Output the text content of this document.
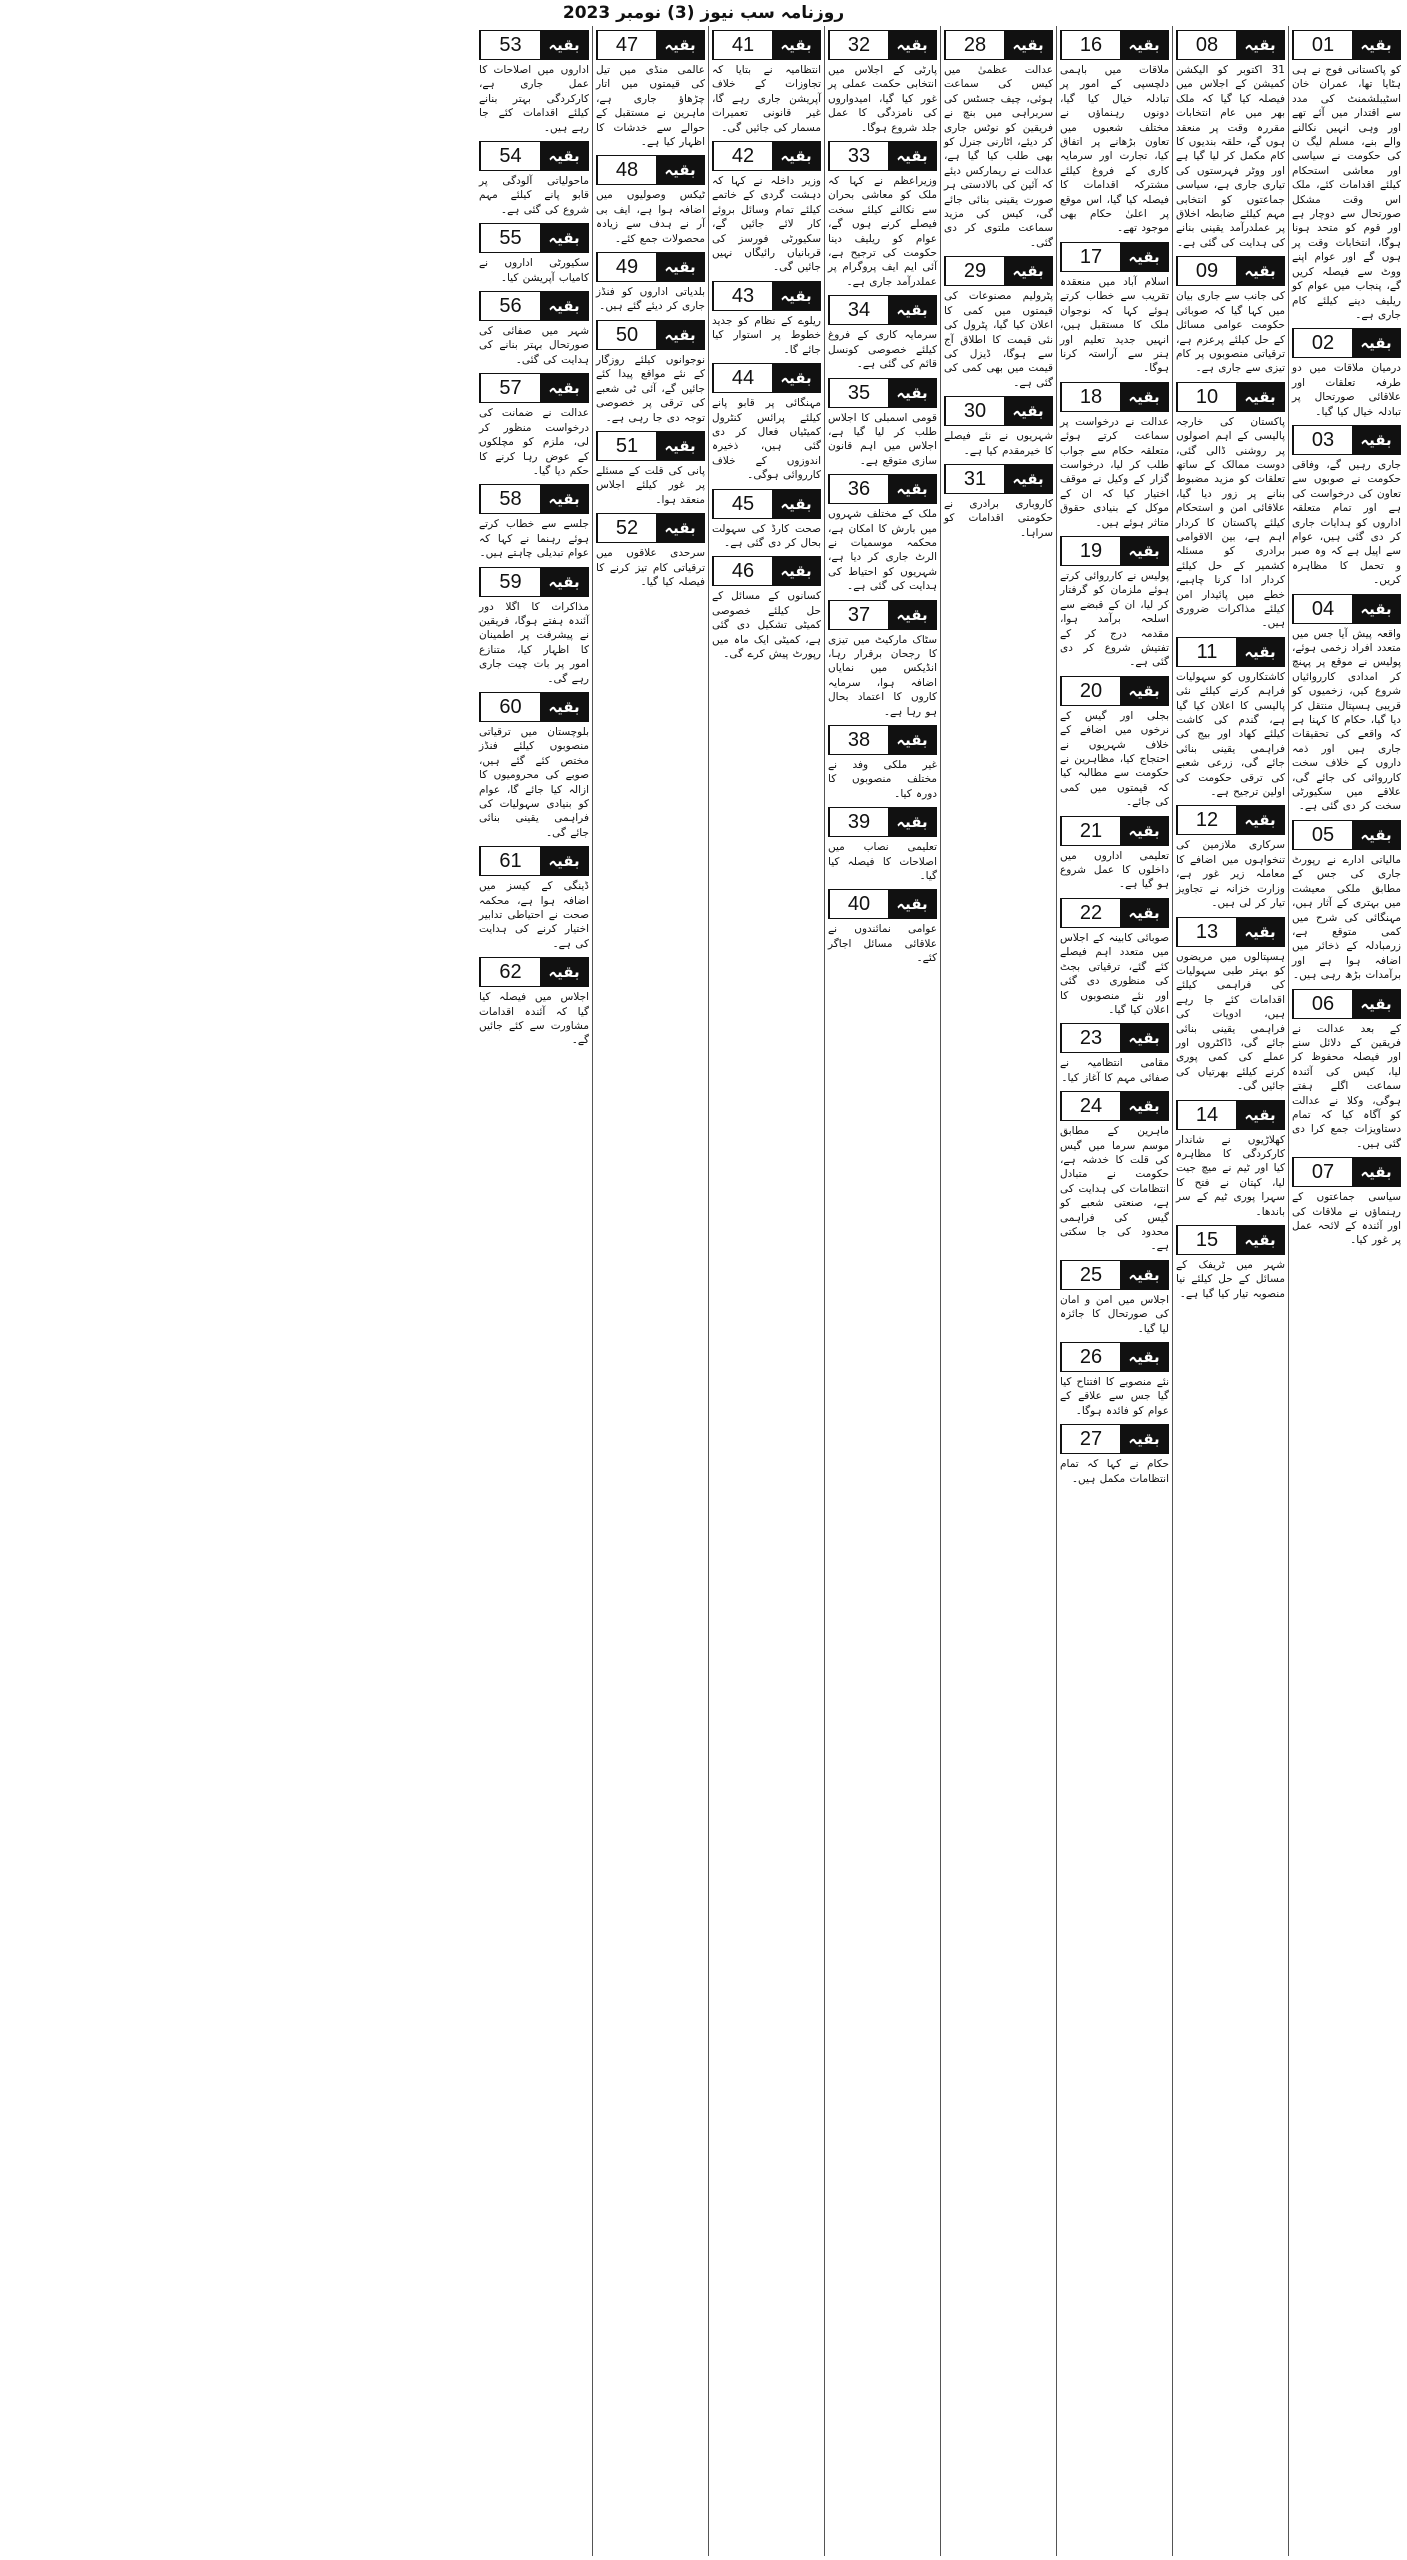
روزنامہ سب نیوز (3) نومبر 2023
بقیہ
01
کو پاکستانی فوج نے ہی ہٹایا تھا، عمران خان اسٹیبلشمنٹ کی مدد سے اقتدار میں آئے تھے اور وہی انہیں نکالنے والے بنے، مسلم لیگ ن کی حکومت نے سیاسی اور معاشی استحکام کیلئے اقدامات کئے، ملک اس وقت مشکل صورتحال سے دوچار ہے اور قوم کو متحد ہونا ہوگا، انتخابات وقت پر ہوں گے اور عوام اپنے ووٹ سے فیصلہ کریں گے، پنجاب میں عوام کو ریلیف دینے کیلئے کام جاری ہے۔
بقیہ
02
درمیان ملاقات میں دو طرفہ تعلقات اور علاقائی صورتحال پر تبادلہ خیال کیا گیا۔
بقیہ
03
جاری رہیں گے، وفاقی حکومت نے صوبوں سے تعاون کی درخواست کی ہے اور تمام متعلقہ اداروں کو ہدایات جاری کر دی گئی ہیں، عوام سے اپیل ہے کہ وہ صبر و تحمل کا مظاہرہ کریں۔
بقیہ
04
واقعہ پیش آیا جس میں متعدد افراد زخمی ہوئے، پولیس نے موقع پر پہنچ کر امدادی کارروائیاں شروع کیں، زخمیوں کو قریبی ہسپتال منتقل کر دیا گیا، حکام کا کہنا ہے کہ واقعے کی تحقیقات جاری ہیں اور ذمہ داروں کے خلاف سخت کارروائی کی جائے گی، علاقے میں سکیورٹی سخت کر دی گئی ہے۔
بقیہ
05
مالیاتی ادارے نے رپورٹ جاری کی جس کے مطابق ملکی معیشت میں بہتری کے آثار ہیں، مہنگائی کی شرح میں کمی متوقع ہے، زرمبادلہ کے ذخائر میں اضافہ ہوا ہے اور برآمدات بڑھ رہی ہیں۔
بقیہ
06
کے بعد عدالت نے فریقین کے دلائل سنے اور فیصلہ محفوظ کر لیا، کیس کی آئندہ سماعت اگلے ہفتے ہوگی، وکلا نے عدالت کو آگاہ کیا کہ تمام دستاویزات جمع کرا دی گئی ہیں۔
بقیہ
07
سیاسی جماعتوں کے رہنماؤں نے ملاقات کی اور آئندہ کے لائحہ عمل پر غور کیا۔
بقیہ
08
31 اکتوبر کو الیکشن کمیشن کے اجلاس میں فیصلہ کیا گیا کہ ملک بھر میں عام انتخابات مقررہ وقت پر منعقد ہوں گے، حلقہ بندیوں کا کام مکمل کر لیا گیا ہے اور ووٹر فہرستوں کی تیاری جاری ہے، سیاسی جماعتوں کو انتخابی مہم کیلئے ضابطہ اخلاق پر عملدرآمد یقینی بنانے کی ہدایت کی گئی ہے۔
بقیہ
09
کی جانب سے جاری بیان میں کہا گیا کہ صوبائی حکومت عوامی مسائل کے حل کیلئے پرعزم ہے، ترقیاتی منصوبوں پر کام تیزی سے جاری ہے۔
بقیہ
10
پاکستان کی خارجہ پالیسی کے اہم اصولوں پر روشنی ڈالی گئی، دوست ممالک کے ساتھ تعلقات کو مزید مضبوط بنانے پر زور دیا گیا، علاقائی امن و استحکام کیلئے پاکستان کا کردار اہم ہے، بین الاقوامی برادری کو مسئلہ کشمیر کے حل کیلئے کردار ادا کرنا چاہیے، خطے میں پائیدار امن کیلئے مذاکرات ضروری ہیں۔
بقیہ
11
کاشتکاروں کو سہولیات فراہم کرنے کیلئے نئی پالیسی کا اعلان کیا گیا ہے، گندم کی کاشت کیلئے کھاد اور بیج کی فراہمی یقینی بنائی جائے گی، زرعی شعبے کی ترقی حکومت کی اولین ترجیح ہے۔
بقیہ
12
سرکاری ملازمین کی تنخواہوں میں اضافے کا معاملہ زیر غور ہے، وزارت خزانہ نے تجاویز تیار کر لی ہیں۔
بقیہ
13
ہسپتالوں میں مریضوں کو بہتر طبی سہولیات کی فراہمی کیلئے اقدامات کئے جا رہے ہیں، ادویات کی فراہمی یقینی بنائی جائے گی، ڈاکٹروں اور عملے کی کمی پوری کرنے کیلئے بھرتیاں کی جائیں گی۔
بقیہ
14
کھلاڑیوں نے شاندار کارکردگی کا مظاہرہ کیا اور ٹیم نے میچ جیت لیا، کپتان نے فتح کا سہرا پوری ٹیم کے سر باندھا۔
بقیہ
15
شہر میں ٹریفک کے مسائل کے حل کیلئے نیا منصوبہ تیار کیا گیا ہے۔
بقیہ
16
ملاقات میں باہمی دلچسپی کے امور پر تبادلہ خیال کیا گیا، دونوں رہنماؤں نے مختلف شعبوں میں تعاون بڑھانے پر اتفاق کیا، تجارت اور سرمایہ کاری کے فروغ کیلئے مشترکہ اقدامات کا فیصلہ کیا گیا، اس موقع پر اعلیٰ حکام بھی موجود تھے۔
بقیہ
17
اسلام آباد میں منعقدہ تقریب سے خطاب کرتے ہوئے کہا کہ نوجوان ملک کا مستقبل ہیں، انہیں جدید تعلیم اور ہنر سے آراستہ کرنا ہوگا۔
بقیہ
18
عدالت نے درخواست پر سماعت کرتے ہوئے متعلقہ حکام سے جواب طلب کر لیا، درخواست گزار کے وکیل نے موقف اختیار کیا کہ ان کے موکل کے بنیادی حقوق متاثر ہوئے ہیں۔
بقیہ
19
پولیس نے کارروائی کرتے ہوئے ملزمان کو گرفتار کر لیا، ان کے قبضے سے اسلحہ برآمد ہوا، مقدمہ درج کر کے تفتیش شروع کر دی گئی ہے۔
بقیہ
20
بجلی اور گیس کے نرخوں میں اضافے کے خلاف شہریوں نے احتجاج کیا، مظاہرین نے حکومت سے مطالبہ کیا کہ قیمتوں میں کمی کی جائے۔
بقیہ
21
تعلیمی اداروں میں داخلوں کا عمل شروع ہو گیا ہے۔
بقیہ
22
صوبائی کابینہ کے اجلاس میں متعدد اہم فیصلے کئے گئے، ترقیاتی بجٹ کی منظوری دی گئی اور نئے منصوبوں کا اعلان کیا گیا۔
بقیہ
23
مقامی انتظامیہ نے صفائی مہم کا آغاز کیا۔
بقیہ
24
ماہرین کے مطابق موسم سرما میں گیس کی قلت کا خدشہ ہے، حکومت نے متبادل انتظامات کی ہدایت کی ہے، صنعتی شعبے کو گیس کی فراہمی محدود کی جا سکتی ہے۔
بقیہ
25
اجلاس میں امن و امان کی صورتحال کا جائزہ لیا گیا۔
بقیہ
26
نئے منصوبے کا افتتاح کیا گیا جس سے علاقے کے عوام کو فائدہ ہوگا۔
بقیہ
27
حکام نے کہا کہ تمام انتظامات مکمل ہیں۔
بقیہ
28
عدالت عظمیٰ میں کیس کی سماعت ہوئی، چیف جسٹس کی سربراہی میں بنچ نے فریقین کو نوٹس جاری کر دیئے، اٹارنی جنرل کو بھی طلب کیا گیا ہے، عدالت نے ریمارکس دیئے کہ آئین کی بالادستی ہر صورت یقینی بنائی جائے گی، کیس کی مزید سماعت ملتوی کر دی گئی۔
بقیہ
29
پٹرولیم مصنوعات کی قیمتوں میں کمی کا اعلان کیا گیا، پٹرول کی نئی قیمت کا اطلاق آج سے ہوگا، ڈیزل کی قیمت میں بھی کمی کی گئی ہے۔
بقیہ
30
شہریوں نے نئے فیصلے کا خیرمقدم کیا ہے۔
بقیہ
31
کاروباری برادری نے حکومتی اقدامات کو سراہا۔
بقیہ
32
پارٹی کے اجلاس میں انتخابی حکمت عملی پر غور کیا گیا، امیدواروں کی نامزدگی کا عمل جلد شروع ہوگا۔
بقیہ
33
وزیراعظم نے کہا کہ ملک کو معاشی بحران سے نکالنے کیلئے سخت فیصلے کرنے ہوں گے، عوام کو ریلیف دینا حکومت کی ترجیح ہے، آئی ایم ایف پروگرام پر عملدرآمد جاری ہے۔
بقیہ
34
سرمایہ کاری کے فروغ کیلئے خصوصی کونسل قائم کی گئی ہے۔
بقیہ
35
قومی اسمبلی کا اجلاس طلب کر لیا گیا ہے، اجلاس میں اہم قانون سازی متوقع ہے۔
بقیہ
36
ملک کے مختلف شہروں میں بارش کا امکان ہے، محکمہ موسمیات نے الرٹ جاری کر دیا ہے، شہریوں کو احتیاط کی ہدایت کی گئی ہے۔
بقیہ
37
سٹاک مارکیٹ میں تیزی کا رجحان برقرار رہا، انڈیکس میں نمایاں اضافہ ہوا، سرمایہ کاروں کا اعتماد بحال ہو رہا ہے۔
بقیہ
38
غیر ملکی وفد نے مختلف منصوبوں کا دورہ کیا۔
بقیہ
39
تعلیمی نصاب میں اصلاحات کا فیصلہ کیا گیا۔
بقیہ
40
عوامی نمائندوں نے علاقائی مسائل اجاگر کئے۔
بقیہ
41
انتظامیہ نے بتایا کہ تجاوزات کے خلاف آپریشن جاری رہے گا، غیر قانونی تعمیرات مسمار کی جائیں گی۔
بقیہ
42
وزیر داخلہ نے کہا کہ دہشت گردی کے خاتمے کیلئے تمام وسائل بروئے کار لائے جائیں گے، سکیورٹی فورسز کی قربانیاں رائیگاں نہیں جائیں گی۔
بقیہ
43
ریلوے کے نظام کو جدید خطوط پر استوار کیا جائے گا۔
بقیہ
44
مہنگائی پر قابو پانے کیلئے پرائس کنٹرول کمیٹیاں فعال کر دی گئی ہیں، ذخیرہ اندوزوں کے خلاف کارروائی ہوگی۔
بقیہ
45
صحت کارڈ کی سہولت بحال کر دی گئی ہے۔
بقیہ
46
کسانوں کے مسائل کے حل کیلئے خصوصی کمیٹی تشکیل دی گئی ہے، کمیٹی ایک ماہ میں رپورٹ پیش کرے گی۔
بقیہ
47
عالمی منڈی میں تیل کی قیمتوں میں اتار چڑھاؤ جاری ہے، ماہرین نے مستقبل کے حوالے سے خدشات کا اظہار کیا ہے۔
بقیہ
48
ٹیکس وصولیوں میں اضافہ ہوا ہے، ایف بی آر نے ہدف سے زیادہ محصولات جمع کئے۔
بقیہ
49
بلدیاتی اداروں کو فنڈز جاری کر دیئے گئے ہیں۔
بقیہ
50
نوجوانوں کیلئے روزگار کے نئے مواقع پیدا کئے جائیں گے، آئی ٹی شعبے کی ترقی پر خصوصی توجہ دی جا رہی ہے۔
بقیہ
51
پانی کی قلت کے مسئلے پر غور کیلئے اجلاس منعقد ہوا۔
بقیہ
52
سرحدی علاقوں میں ترقیاتی کام تیز کرنے کا فیصلہ کیا گیا۔
بقیہ
53
اداروں میں اصلاحات کا عمل جاری ہے، کارکردگی بہتر بنانے کیلئے اقدامات کئے جا رہے ہیں۔
بقیہ
54
ماحولیاتی آلودگی پر قابو پانے کیلئے مہم شروع کی گئی ہے۔
بقیہ
55
سکیورٹی اداروں نے کامیاب آپریشن کیا۔
بقیہ
56
شہر میں صفائی کی صورتحال بہتر بنانے کی ہدایت کی گئی۔
بقیہ
57
عدالت نے ضمانت کی درخواست منظور کر لی، ملزم کو مچلکوں کے عوض رہا کرنے کا حکم دیا گیا۔
بقیہ
58
جلسے سے خطاب کرتے ہوئے رہنما نے کہا کہ عوام تبدیلی چاہتے ہیں۔
بقیہ
59
مذاکرات کا اگلا دور آئندہ ہفتے ہوگا، فریقین نے پیشرفت پر اطمینان کا اظہار کیا، متنازع امور پر بات چیت جاری رہے گی۔
بقیہ
60
بلوچستان میں ترقیاتی منصوبوں کیلئے فنڈز مختص کئے گئے ہیں، صوبے کی محرومیوں کا ازالہ کیا جائے گا، عوام کو بنیادی سہولیات کی فراہمی یقینی بنائی جائے گی۔
بقیہ
61
ڈینگی کے کیسز میں اضافہ ہوا ہے، محکمہ صحت نے احتیاطی تدابیر اختیار کرنے کی ہدایت کی ہے۔
بقیہ
62
اجلاس میں فیصلہ کیا گیا کہ آئندہ اقدامات مشاورت سے کئے جائیں گے۔
